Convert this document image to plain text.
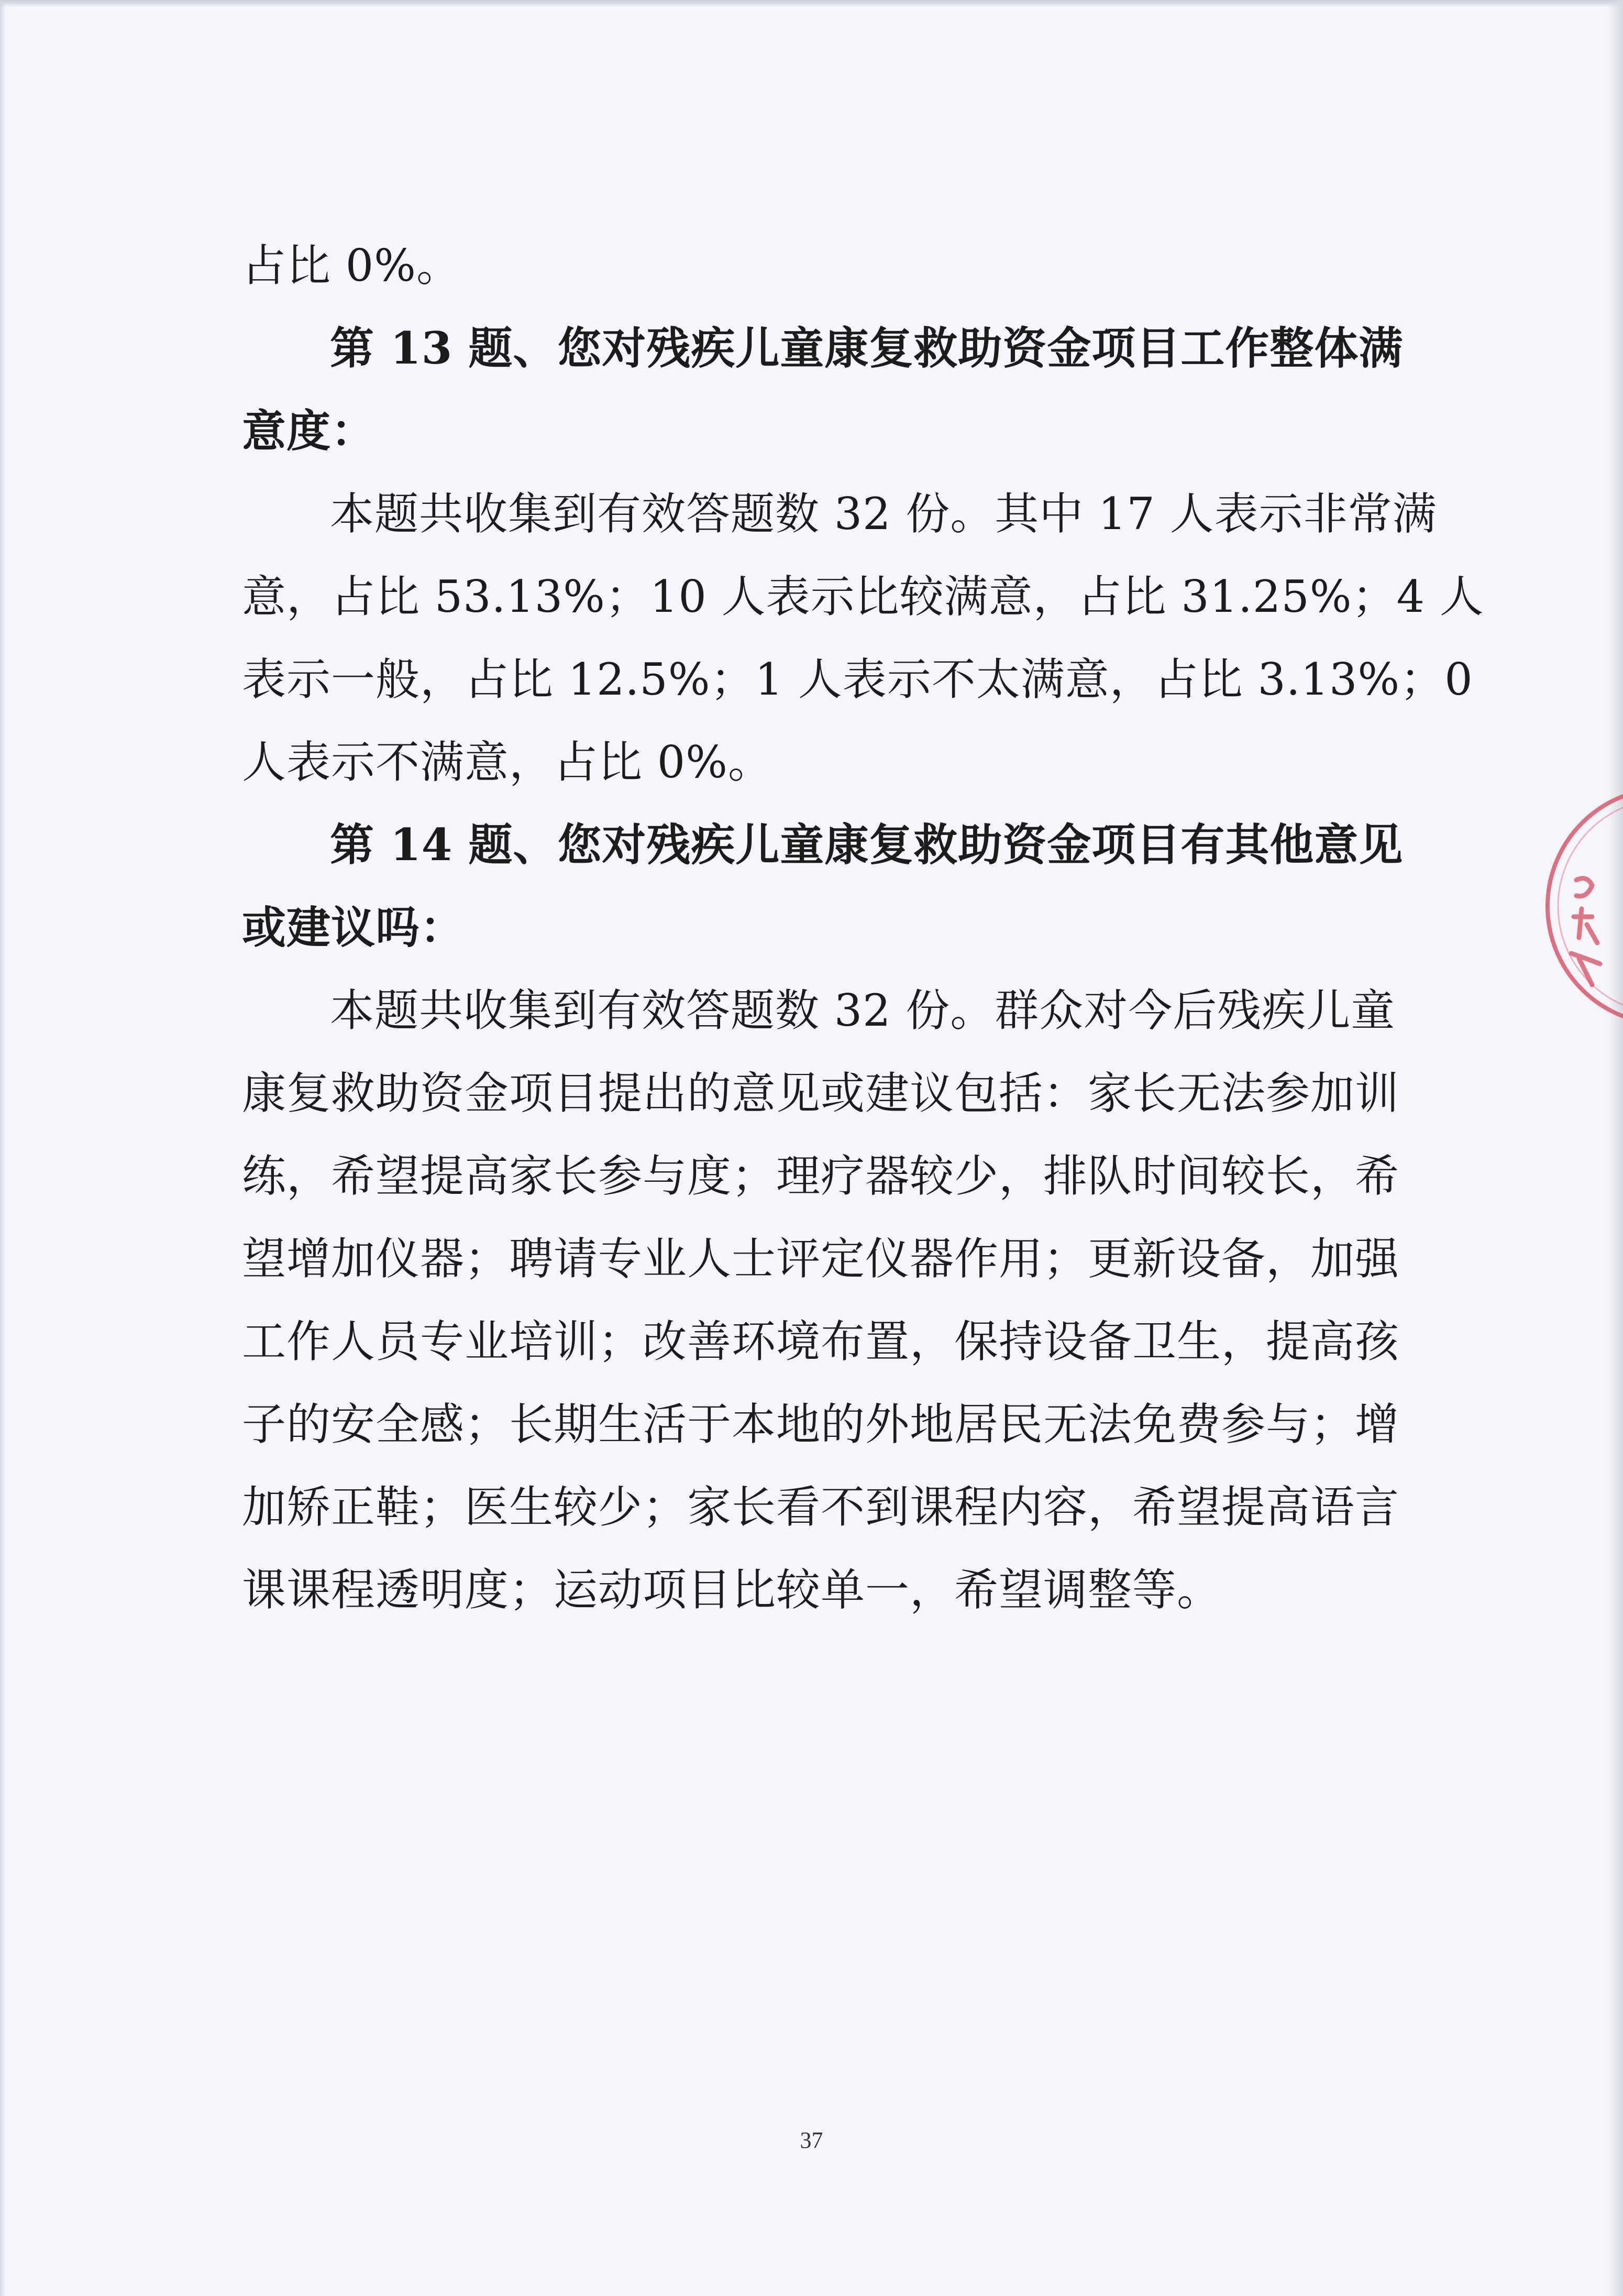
占比 0%。
第 13 题、您对残疾儿童康复救助资金项目工作整体满
意度：
本题共收集到有效答题数 32 份。其中 17 人表示非常满
意，占比 53.13%；10 人表示比较满意，占比 31.25%；4 人
表示一般，占比 12.5%；1 人表示不太满意，占比 3.13%；0
人表示不满意，占比 0%。
第 14 题、您对残疾儿童康复救助资金项目有其他意见
或建议吗：
本题共收集到有效答题数 32 份。群众对今后残疾儿童
康复救助资金项目提出的意见或建议包括：家长无法参加训
练，希望提高家长参与度；理疗器较少，排队时间较长，希
望增加仪器；聘请专业人士评定仪器作用；更新设备，加强
工作人员专业培训；改善环境布置，保持设备卫生，提高孩
子的安全感；长期生活于本地的外地居民无法免费参与；增
加矫正鞋；医生较少；家长看不到课程内容，希望提高语言
课课程透明度；运动项目比较单一，希望调整等。
37
